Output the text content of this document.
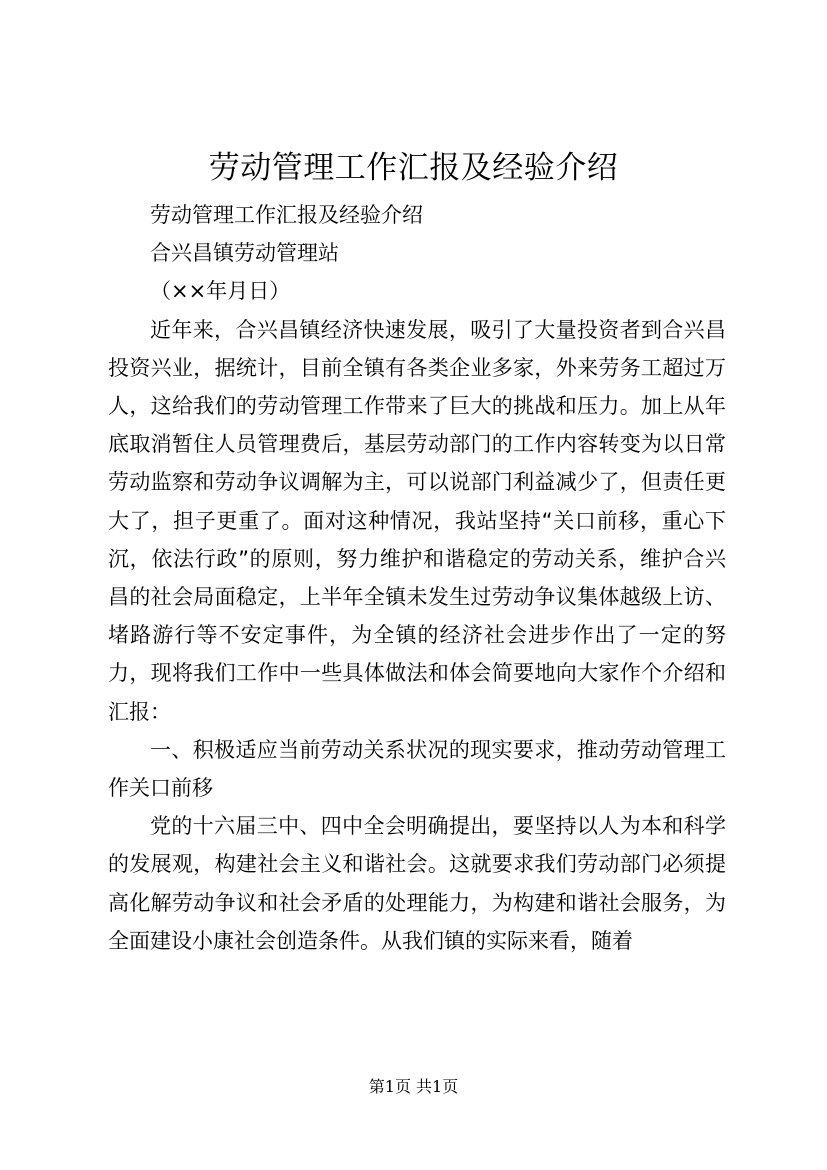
劳动管理工作汇报及经验介绍

劳动管理工作汇报及经验介绍

合兴昌镇劳动管理站

（××年月日）

近年来，合兴昌镇经济快速发展，吸引了大量投资者到合兴昌投资兴业，据统计，目前全镇有各类企业多家，外来劳务工超过万人，这给我们的劳动管理工作带来了巨大的挑战和压力。加上从年底取消暂住人员管理费后，基层劳动部门的工作内容转变为以日常劳动监察和劳动争议调解为主，可以说部门利益减少了，但责任更大了，担子更重了。面对这种情况，我站坚持“关口前移，重心下沉，依法行政”的原则，努力维护和谐稳定的劳动关系，维护合兴昌的社会局面稳定，上半年全镇未发生过劳动争议集体越级上访、堵路游行等不安定事件，为全镇的经济社会进步作出了一定的努力，现将我们工作中一些具体做法和体会简要地向大家作个介绍和汇报：

一、积极适应当前劳动关系状况的现实要求，推动劳动管理工作关口前移

党的十六届三中、四中全会明确提出，要坚持以人为本和科学的发展观，构建社会主义和谐社会。这就要求我们劳动部门必须提高化解劳动争议和社会矛盾的处理能力，为构建和谐社会服务，为全面建设小康社会创造条件。从我们镇的实际来看，随着

第1页 共1页
